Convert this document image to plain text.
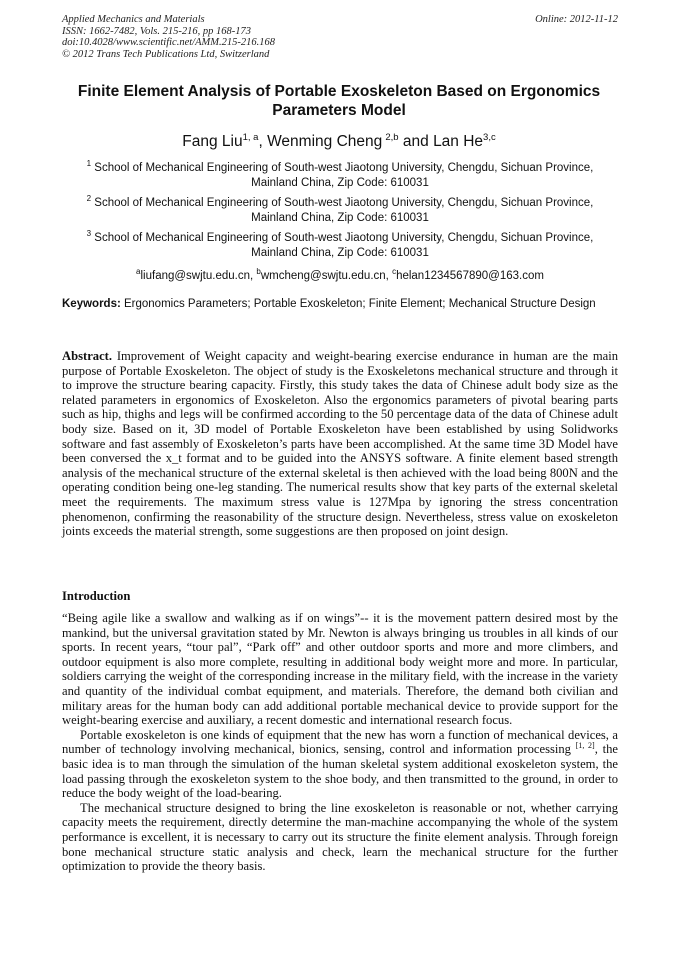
Applied Mechanics and Materials
ISSN: 1662-7482, Vols. 215-216, pp 168-173
doi:10.4028/www.scientific.net/AMM.215-216.168
© 2012 Trans Tech Publications Ltd, Switzerland
Online: 2012-11-12
Finite Element Analysis of Portable Exoskeleton Based on Ergonomics Parameters Model
Fang Liu$^{1, a}$, Wenming Cheng  $^{2,b}$ and Lan He$^{3,c}$
$^1$ School of Mechanical Engineering of South-west Jiaotong University, Chengdu, Sichuan Province, Mainland China, Zip Code: 610031
$^2$ School of Mechanical Engineering of South-west Jiaotong University, Chengdu, Sichuan Province, Mainland China, Zip Code: 610031
$^3$ School of Mechanical Engineering of South-west Jiaotong University, Chengdu, Sichuan Province, Mainland China, Zip Code: 610031
$^a$liufang@swjtu.edu.cn, $^b$wmcheng@swjtu.edu.cn, $^c$helan1234567890@163.com
Keywords: Ergonomics Parameters; Portable Exoskeleton; Finite Element; Mechanical Structure Design

Abstract. Improvement of Weight capacity and weight-bearing exercise endurance in human are the main purpose of Portable Exoskeleton. The object of study is the Exoskeletons mechanical structure and through it to improve the structure bearing capacity. Firstly, this study takes the data of Chinese adult body size as the related parameters in ergonomics of Exoskeleton. Also the ergonomics parameters of pivotal bearing parts such as hip, thighs and legs will be confirmed according to the 50 percentage data of the data of Chinese adult body size. Based on it, 3D model of Portable Exoskeleton have been established by using Solidworks software and fast assembly of Exoskeleton’s parts have been accomplished. At the same time 3D Model have been conversed the x_t format and to be guided into the ANSYS software. A finite element based strength analysis of the mechanical structure of the external skeletal is then achieved with the load being 800N and the operating condition being one-leg standing. The numerical results show that key parts of the external skeletal meet the requirements. The maximum stress value is 127Mpa by ignoring the stress concentration phenomenon, confirming the reasonability of the structure design. Nevertheless, stress value on exoskeleton joints exceeds the material strength, some suggestions are then proposed on joint design.

Introduction

“Being agile like a swallow and walking as if on wings”-- it is the movement pattern desired most by the mankind, but the universal gravitation stated by Mr. Newton is always bringing us troubles in all kinds of our sports. In recent years, “tour pal”, “Park off” and other outdoor sports and more and more climbers, and outdoor equipment is also more complete, resulting in additional body weight more and more. In particular, soldiers carrying the weight of the corresponding increase in the military field, with the increase in the variety and quantity of the individual combat equipment, and materials. Therefore, the demand both civilian and military areas for the human body can add additional portable mechanical device to provide support for the weight-bearing exercise and auxiliary, a recent domestic and international research focus.

Portable exoskeleton is one kinds of equipment that the new has worn a function of mechanical devices, a number of technology involving mechanical, bionics, sensing, control and information processing [1, 2], the basic idea is to man through the simulation of the human skeletal system additional exoskeleton system, the load passing through the exoskeleton system to the shoe body, and then transmitted to the ground, in order to reduce the body weight of the load-bearing.

The mechanical structure designed to bring the line exoskeleton is reasonable or not, whether carrying capacity meets the requirement, directly determine the man-machine accompanying the whole of the system performance is excellent, it is necessary to carry out its structure the finite element analysis. Through foreign bone mechanical structure static analysis and check, learn the mechanical structure for the further optimization to provide the theory basis.
